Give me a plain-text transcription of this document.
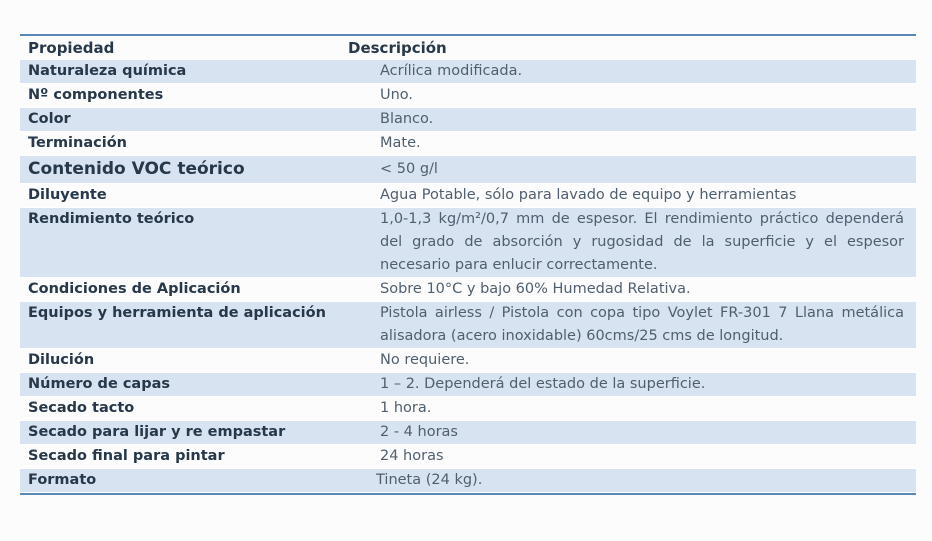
Propiedad	Descripción
Naturaleza química	Acrílica modificada.
Nº componentes	Uno.
Color	Blanco.
Terminación	Mate.
Contenido VOC teórico	< 50 g/l
Diluyente	Agua Potable, sólo para lavado de equipo y herramientas
Rendimiento teórico	1,0-1,3 kg/m²/0,7 mm de espesor. El rendimiento práctico dependerá del grado de absorción y rugosidad de la superficie y el espesor necesario para enlucir correctamente.
Condiciones de Aplicación	Sobre 10°C y bajo 60% Humedad Relativa.
Equipos y herramienta de aplicación	Pistola airless / Pistola con copa tipo Voylet FR-301 7 Llana metálica alisadora (acero inoxidable) 60cms/25 cms de longitud.
Dilución	No requiere.
Número de capas	1 – 2. Dependerá del estado de la superficie.
Secado tacto	1 hora.
Secado para lijar y re empastar	2 - 4 horas
Secado final para pintar	24 horas
Formato	Tineta (24 kg).
